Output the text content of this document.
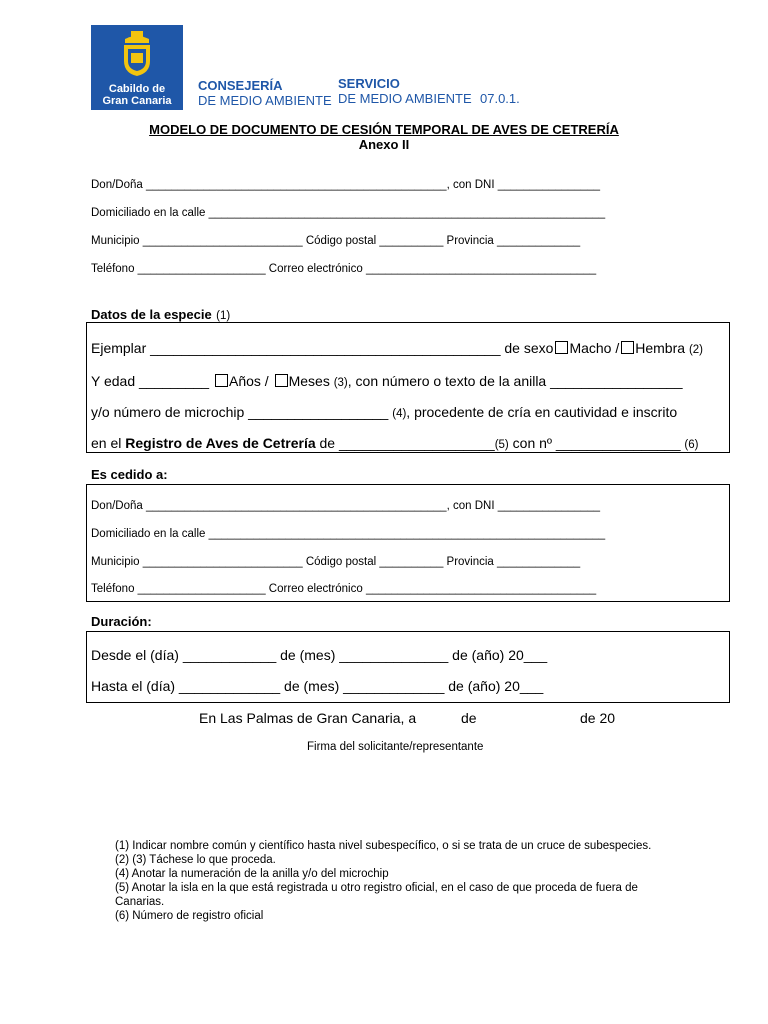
Cabildo de
Gran Canaria
CONSEJERÍA
DE MEDIO AMBIENTE
SERVICIO
DE MEDIO AMBIENTE 07.0.1.
MODELO DE DOCUMENTO DE CESIÓN TEMPORAL DE AVES DE CETRERÍA
Anexo II
Don/Doña _______________________________________________, con DNI ________________
Domiciliado en la calle ______________________________________________________________
Municipio _________________________ Código postal __________ Provincia _____________
Teléfono ____________________ Correo electrónico ____________________________________
Datos de la especie (1)
Ejemplar _____________________________________________ de sexo Macho / Hembra (2)
Y edad _________ Años / Meses (3), con número o texto de la anilla _________________
y/o número de microchip __________________ (4), procedente de cría en cautividad e inscrito
en el Registro de Aves de Cetrería de ____________________(5) con nº ________________ (6)
Es cedido a:
Don/Doña _______________________________________________, con DNI ________________
Domiciliado en la calle ______________________________________________________________
Municipio _________________________ Código postal __________ Provincia _____________
Teléfono ____________________ Correo electrónico ____________________________________
Duración:
Desde el (día) ____________ de (mes) ______________ de (año) 20___
Hasta el (día) _____________ de (mes) _____________ de (año) 20___
En Las Palmas de Gran Canaria, a	de	de 20
Firma del solicitante/representante
(1) Indicar nombre común y científico hasta nivel subespecífico, o si se trata de un cruce de subespecies.
(2) (3) Táchese lo que proceda.
(4) Anotar la numeración de la anilla y/o del microchip
(5) Anotar la isla en la que está registrada u otro registro oficial, en el caso de que proceda de fuera de
Canarias.
(6) Número de registro oficial
